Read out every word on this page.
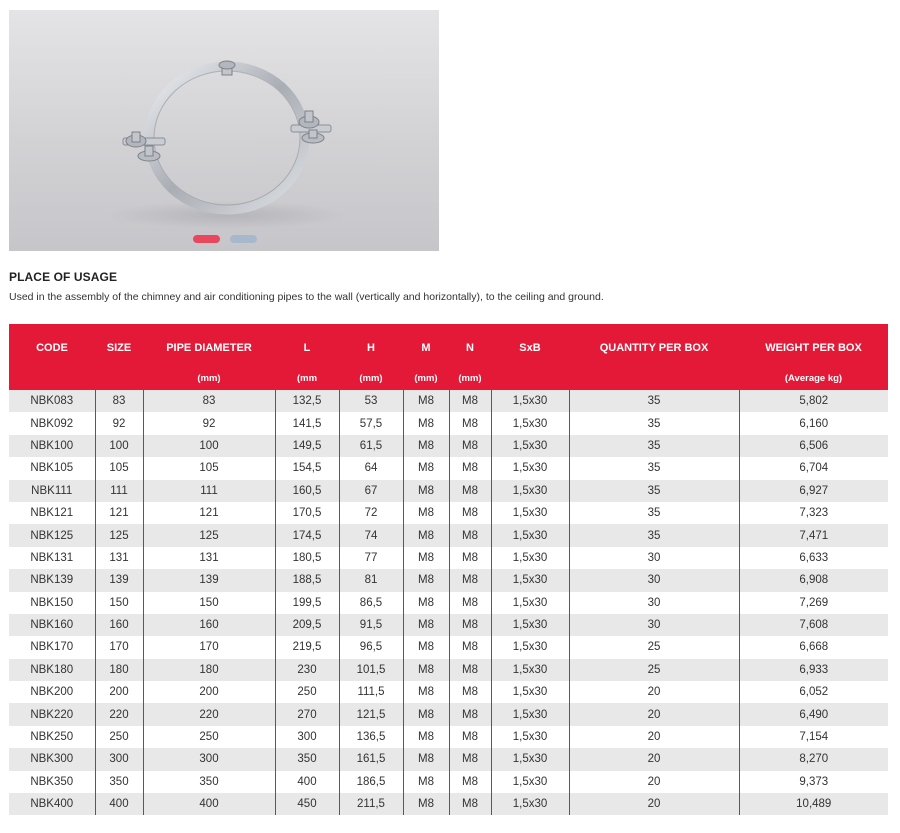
PLACE OF USAGE
Used in the assembly of the chimney and air conditioning pipes to the wall (vertically and horizontally), to the ceiling and ground.
CODE	SIZE	PIPE DIAMETER	L	H	M	N	SxB	QUANTITY PER BOX	WEIGHT PER BOX
		(mm)	(mm	(mm)	(mm)	(mm)			(Average kg)
NBK083	83	83	132,5	53	M8	M8	1,5x30	35	5,802
NBK092	92	92	141,5	57,5	M8	M8	1,5x30	35	6,160
NBK100	100	100	149,5	61,5	M8	M8	1,5x30	35	6,506
NBK105	105	105	154,5	64	M8	M8	1,5x30	35	6,704
NBK111	111	111	160,5	67	M8	M8	1,5x30	35	6,927
NBK121	121	121	170,5	72	M8	M8	1,5x30	35	7,323
NBK125	125	125	174,5	74	M8	M8	1,5x30	35	7,471
NBK131	131	131	180,5	77	M8	M8	1,5x30	30	6,633
NBK139	139	139	188,5	81	M8	M8	1,5x30	30	6,908
NBK150	150	150	199,5	86,5	M8	M8	1,5x30	30	7,269
NBK160	160	160	209,5	91,5	M8	M8	1,5x30	30	7,608
NBK170	170	170	219,5	96,5	M8	M8	1,5x30	25	6,668
NBK180	180	180	230	101,5	M8	M8	1,5x30	25	6,933
NBK200	200	200	250	111,5	M8	M8	1,5x30	20	6,052
NBK220	220	220	270	121,5	M8	M8	1,5x30	20	6,490
NBK250	250	250	300	136,5	M8	M8	1,5x30	20	7,154
NBK300	300	300	350	161,5	M8	M8	1,5x30	20	8,270
NBK350	350	350	400	186,5	M8	M8	1,5x30	20	9,373
NBK400	400	400	450	211,5	M8	M8	1,5x30	20	10,489
